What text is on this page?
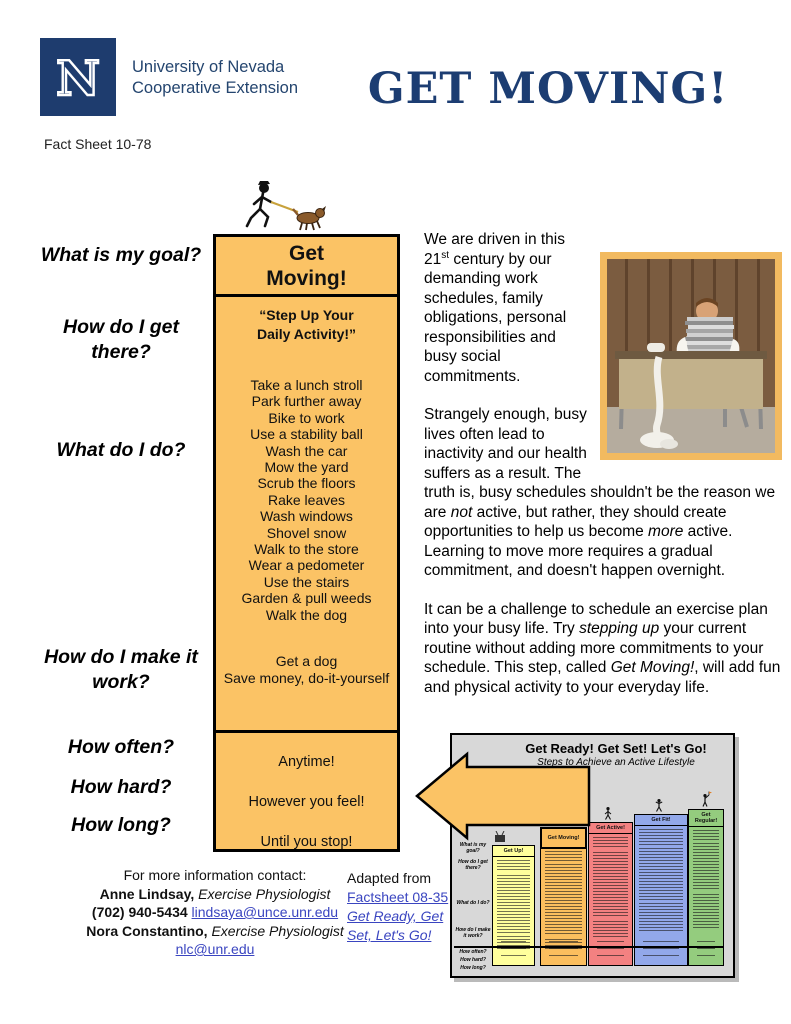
N University of Nevada
Cooperative Extension	GET MOVING!
Fact Sheet 10-78
What is my goal?
How do I get there?
What do I do?
How do I make it work?
How often?
How hard?
How long?
Get
Moving!
“Step Up Your
Daily Activity!”
Take a lunch stroll
Park further away
Bike to work
Use a stability ball
Wash the car
Mow the yard
Scrub the floors
Rake leaves
Wash windows
Shovel snow
Walk to the store
Wear a pedometer
Use the stairs
Garden & pull weeds
Walk the dog
Get a dog
Save money, do-it-yourself
Anytime!
However you feel!
Until you stop!

We are driven in this 21st century by our demanding work schedules, family obligations, personal responsibilities and busy social commitments.

Strangely enough, busy lives often lead to inactivity and our health suffers as a result. The truth is, busy schedules shouldn't be the reason we are not active, but rather, they should create opportunities to help us become more active. Learning to move more requires a gradual commitment, and doesn't happen overnight.

It can be a challenge to schedule an exercise plan into your busy life. Try stepping up your current routine without adding more commitments to your schedule. This step, called Get Moving!, will add fun and physical activity to your everyday life.

For more information contact:
Anne Lindsay, Exercise Physiologist
(702) 940-5434 lindsaya@unce.unr.edu
Nora Constantino, Exercise Physiologist
nlc@unr.edu
Adapted from
Factsheet 08-35
Get Ready, Get Set, Let's Go!
Get Ready! Get Set! Let's Go!
Steps to Achieve an Active Lifestyle
What is my goal?
How do I get there?
What do I do?
How do I make it work?
How often?
How hard?
How long?
Get Up!
Get Moving!
Get Active!
Get Fit!
Get Regular!
